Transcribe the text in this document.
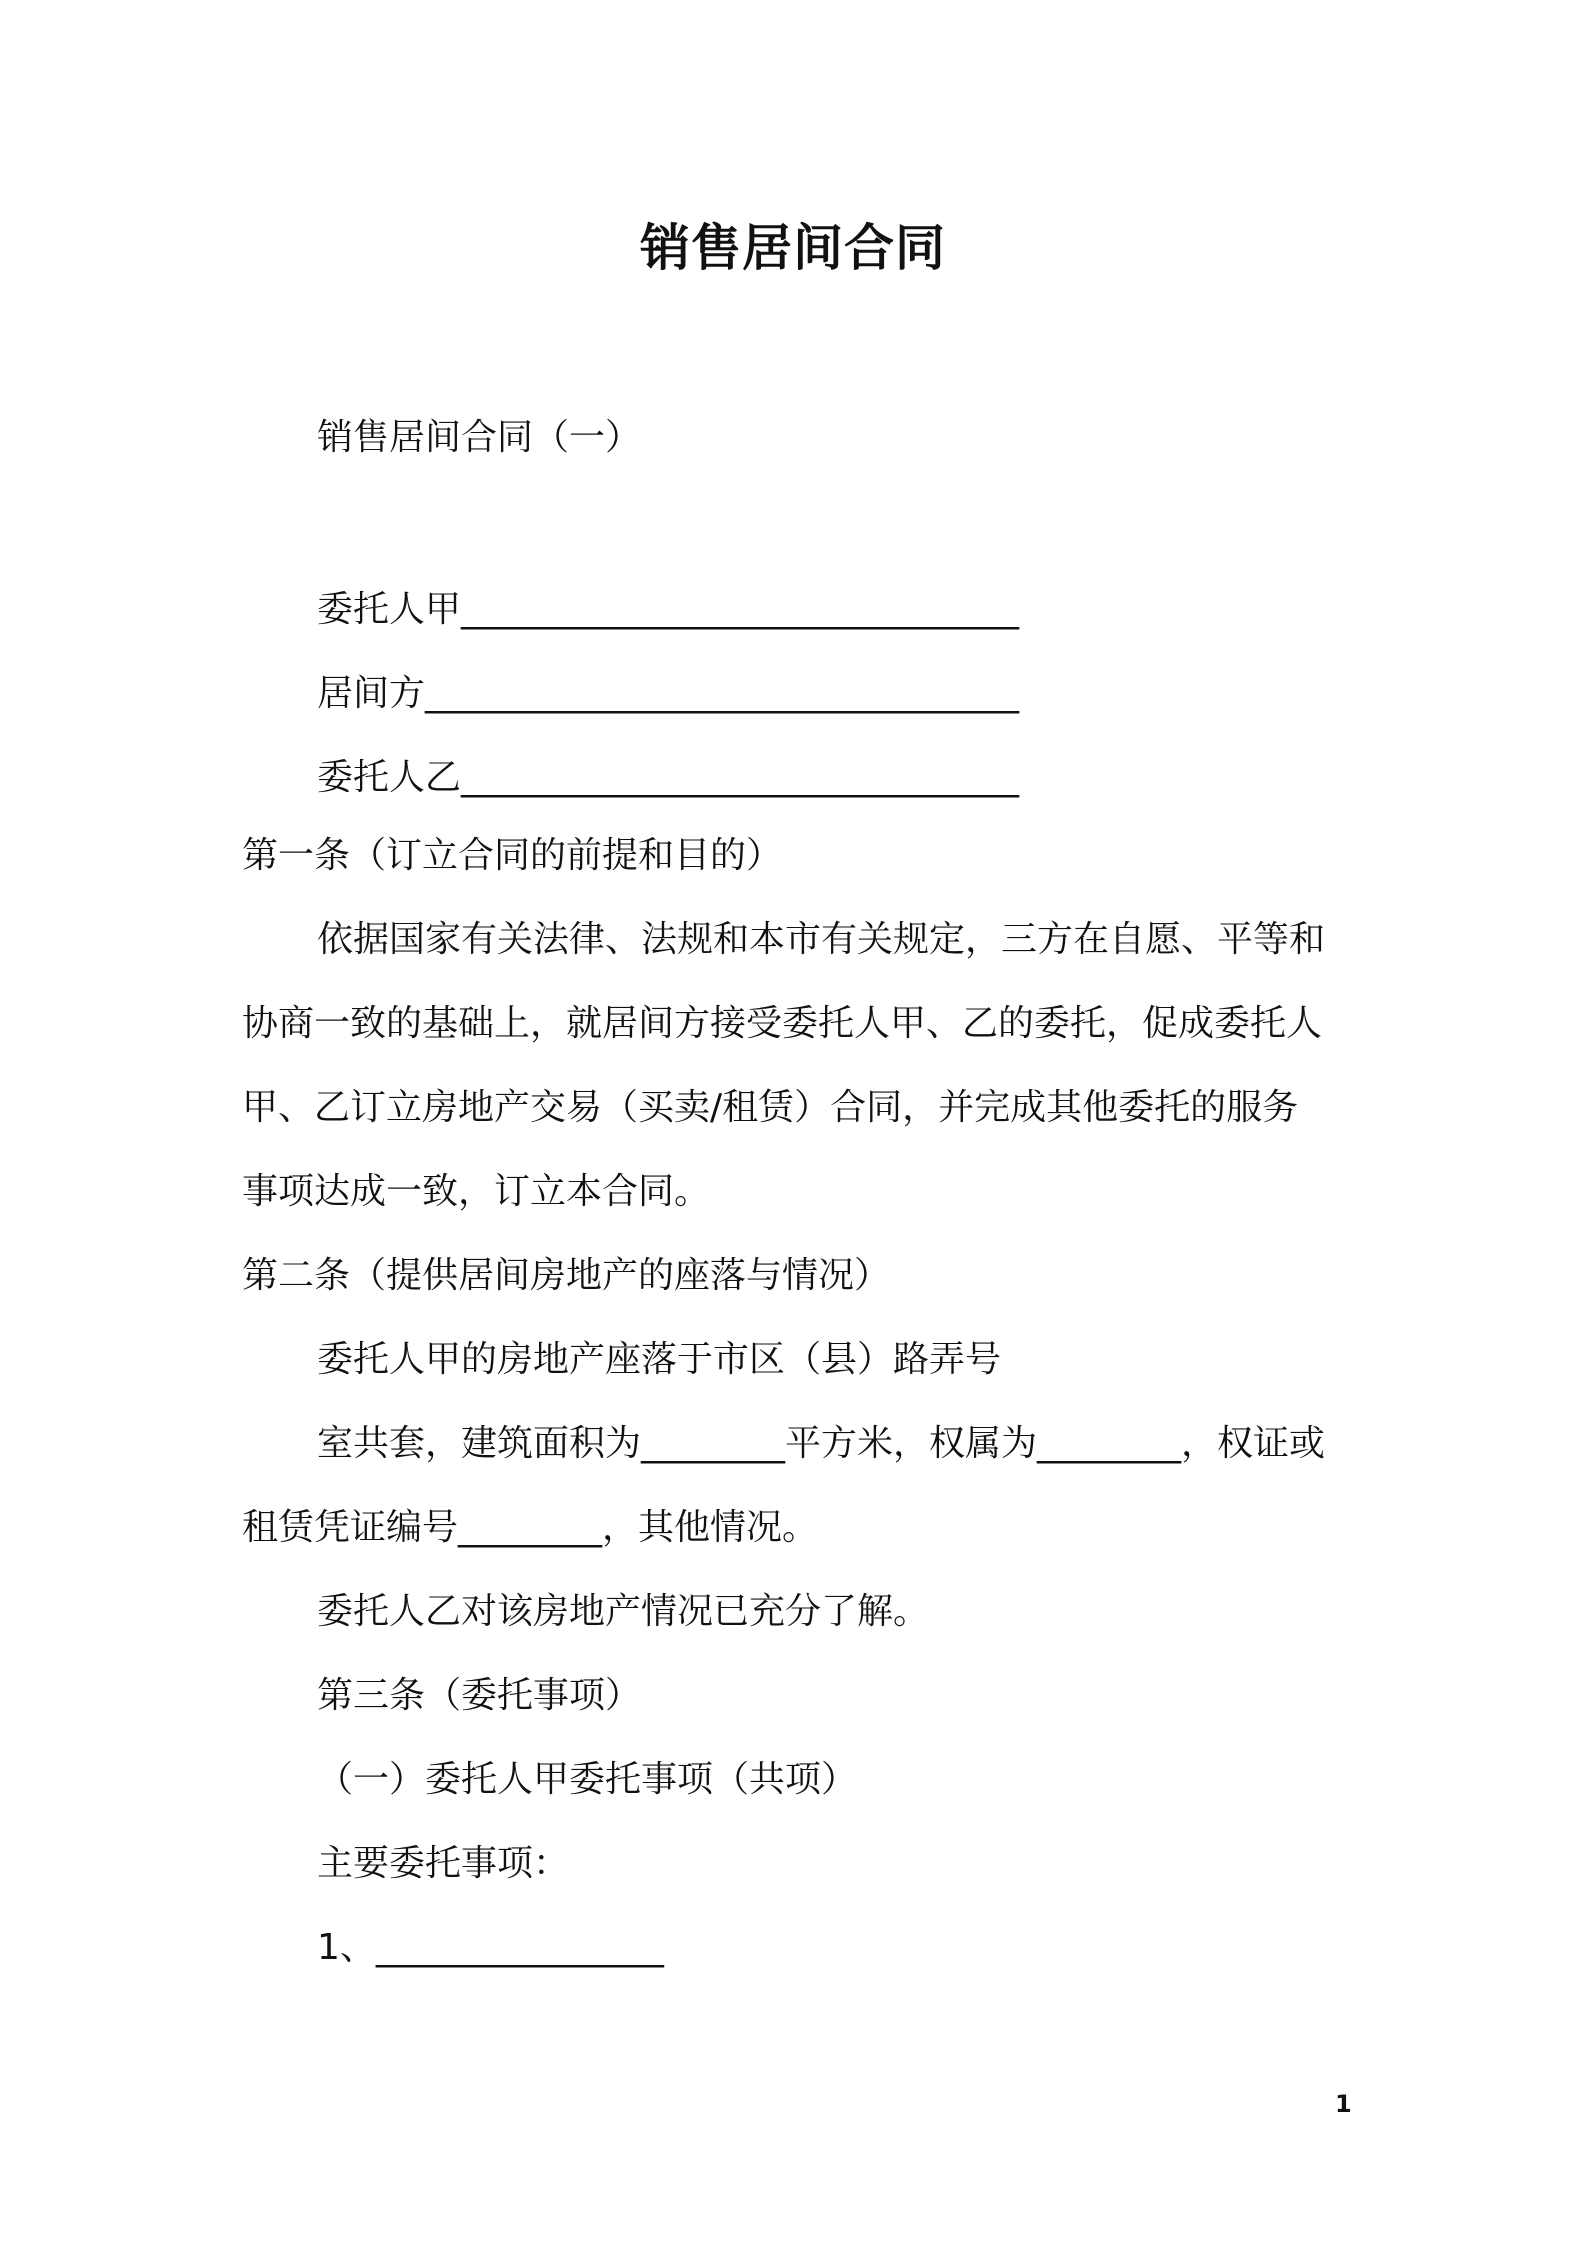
销售居间合同
销售居间合同（一）
委托人甲_______________________________
居间方_________________________________
委托人乙_______________________________
第一条（订立合同的前提和目的）
依据国家有关法律、法规和本市有关规定，三方在自愿、平等和
协商一致的基础上，就居间方接受委托人甲、乙的委托，促成委托人
甲、乙订立房地产交易（买卖/租赁）合同，并完成其他委托的服务
事项达成一致，订立本合同。
第二条（提供居间房地产的座落与情况）
委托人甲的房地产座落于市区（县）路弄号
室共套，建筑面积为________平方米，权属为________，权证或
租赁凭证编号________，其他情况。
委托人乙对该房地产情况已充分了解。
第三条（委托事项）
（一）委托人甲委托事项（共项）
主要委托事项：
1、________________
1
